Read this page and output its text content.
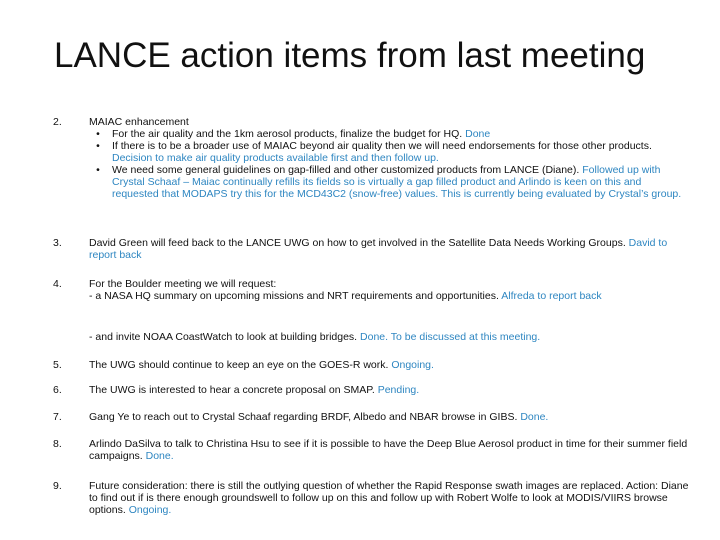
LANCE action items from last meeting
2.	MAIAC enhancement

•	For the air quality and the 1km aerosol products, finalize the budget for HQ. Done
•	If there is to be a broader use of MAIAC beyond air quality then we will need endorsements for those other products. Decision to make air quality products available first and then follow up.
•	We need some general guidelines on gap-filled and other customized products from LANCE (Diane). Followed up with Crystal Schaaf – Maiac continually refills its fields so is virtually a gap filled product and Arlindo is keen on this and requested that MODAPS try this for the MCD43C2 (snow-free) values. This is currently being evaluated by Crystal’s group.
3.	David Green will feed back to the LANCE UWG on how to get involved in the Satellite Data Needs Working Groups. David to report back
4.	For the Boulder meeting we will request:

- a NASA HQ summary on upcoming missions and NRT requirements and opportunities. Alfreda to report back

- and invite NOAA CoastWatch to look at building bridges. Done. To be discussed at this meeting.
5.	The UWG should continue to keep an eye on the GOES-R work. Ongoing.
6.	The UWG is interested to hear a concrete proposal on SMAP. Pending.
7.	Gang Ye to reach out to Crystal Schaaf regarding BRDF, Albedo and NBAR browse in GIBS. Done.
8.	Arlindo DaSilva to talk to Christina Hsu to see if it is possible to have the Deep Blue Aerosol product in time for their summer field campaigns. Done.
9.	Future consideration: there is still the outlying question of whether the Rapid Response swath images are replaced. Action: Diane to find out if is there enough groundswell to follow up on this and follow up with Robert Wolfe to look at MODIS/VIIRS browse options. Ongoing.
